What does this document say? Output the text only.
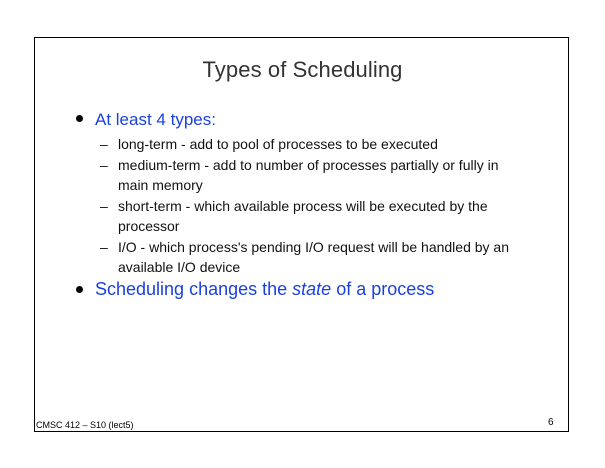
Types of Scheduling
At least 4 types:
– long-term - add to pool of processes to be executed
– medium-term - add to number of processes partially or fully in main memory
– short-term - which available process will be executed by the processor
– I/O - which process's pending I/O request will be handled by an available I/O device
Scheduling changes the state of a process
CMSC 412 – S10 (lect5)	6
